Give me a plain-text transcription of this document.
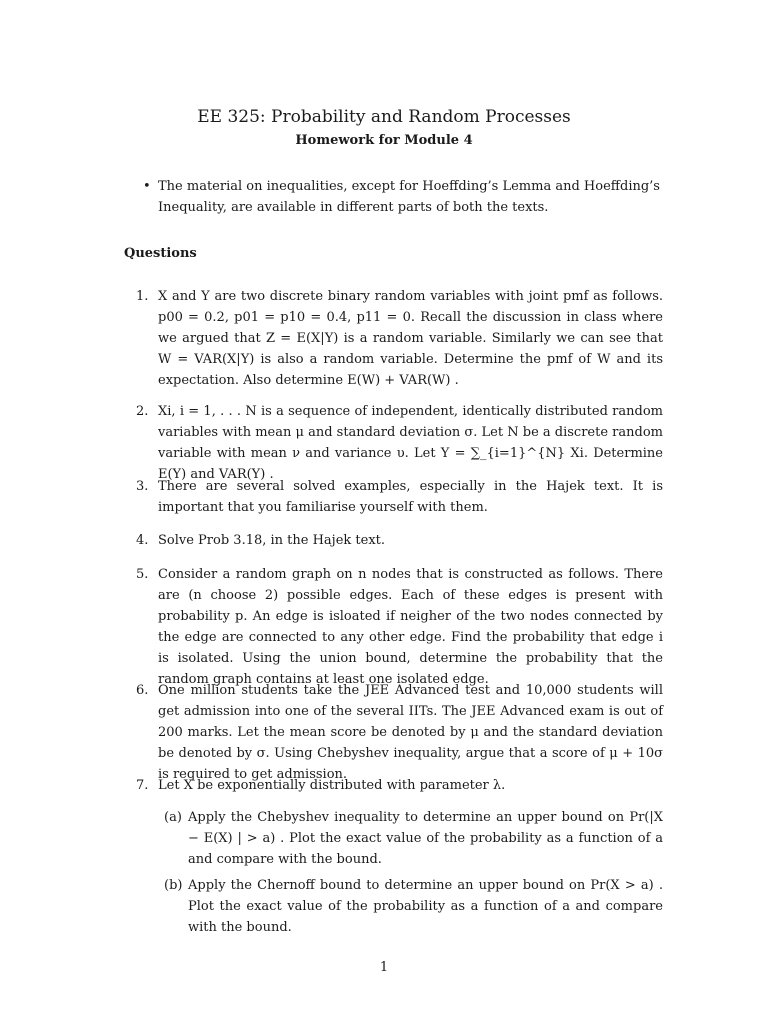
EE 325: Probability and Random Processes
Homework for Module 4
• The material on inequalities, except for Hoeffding’s Lemma and Hoeffding’s Inequality, are available in different parts of both the texts.
Questions
1. X and Y are two discrete binary random variables with joint pmf as follows. p00 = 0.2, p01 = p10 = 0.4, p11 = 0. Recall the discussion in class where we argued that Z = E(X|Y) is a random variable. Similarly we can see that W = VAR(X|Y) is also a random variable. Determine the pmf of W and its expectation. Also determine E(W) + VAR(W) .
2. Xi, i = 1, . . . N is a sequence of independent, identically distributed random variables with mean μ and standard deviation σ. Let N be a discrete random variable with mean ν and variance υ. Let Y = ∑_{i=1}^{N} Xi. Determine E(Y) and VAR(Y) .
3. There are several solved examples, especially in the Hajek text. It is important that you familiarise yourself with them.
4. Solve Prob 3.18, in the Hajek text.
5. Consider a random graph on n nodes that is constructed as follows. There are (n choose 2) possible edges. Each of these edges is present with probability p. An edge is isloated if neigher of the two nodes connected by the edge are connected to any other edge. Find the probability that edge i is isolated. Using the union bound, determine the probability that the random graph contains at least one isolated edge.
6. One million students take the JEE Advanced test and 10,000 students will get admission into one of the several IITs. The JEE Advanced exam is out of 200 marks. Let the mean score be denoted by μ and the standard deviation be denoted by σ. Using Chebyshev inequality, argue that a score of μ + 10σ is required to get admission.
7. Let X be exponentially distributed with parameter λ.
(a) Apply the Chebyshev inequality to determine an upper bound on Pr(|X − E(X) | > a) . Plot the exact value of the probability as a function of a and compare with the bound.
(b) Apply the Chernoff bound to determine an upper bound on Pr(X > a) . Plot the exact value of the probability as a function of a and compare with the bound.
1
